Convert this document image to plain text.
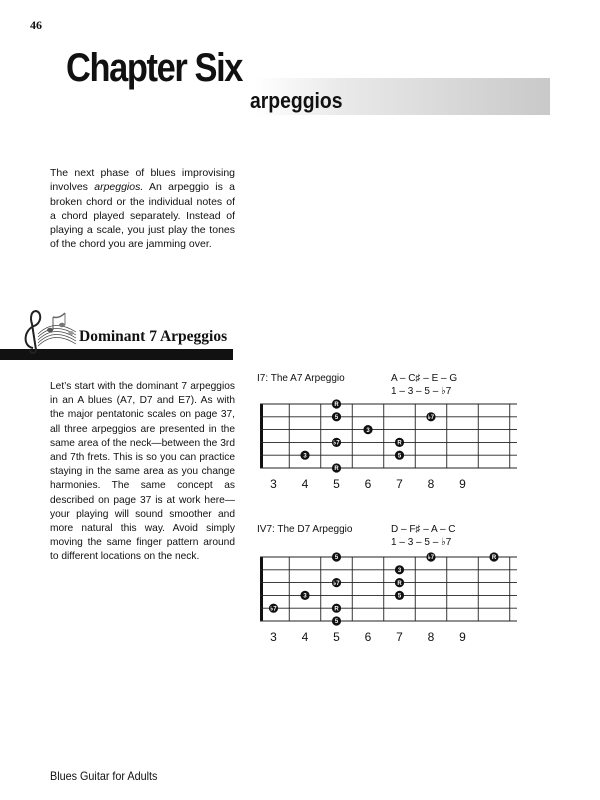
46
Chapter Six
arpeggios
The next phase of blues improvising involves arpeggios. An arpeggio is a broken chord or the individual notes of a chord played separately. Instead of playing a scale, you just play the tones of the chord you are jamming over.
Dominant 7 Arpeggios
Let’s start with the dominant 7 arpeggios in an A blues (A7, D7 and E7). As with the major pentatonic scales on page 37, all three arpeggios are presented in the same area of the neck—between the 3rd and 7th frets. This is so you can practice staying in the same area as you change harmonies. The same concept as described on page 37 is at work here—your playing will sound smoother and more natural this way. Avoid simply moving the same finger pattern around to different locations on the neck.
I7: The A7 Arpeggio	A – C♯ – E – G
1 – 3 – 5 – ♭7
R
5	♭7
3
♭7	R
3	5
R
3 4 5 6 7 8 9
IV7: The D7 Arpeggio	D – F♯ – A – C
1 – 3 – 5 – ♭7
5	♭7	R
3
♭7	R
3	5
♭7	R
5
3 4 5 6 7 8 9
Blues Guitar for Adults
